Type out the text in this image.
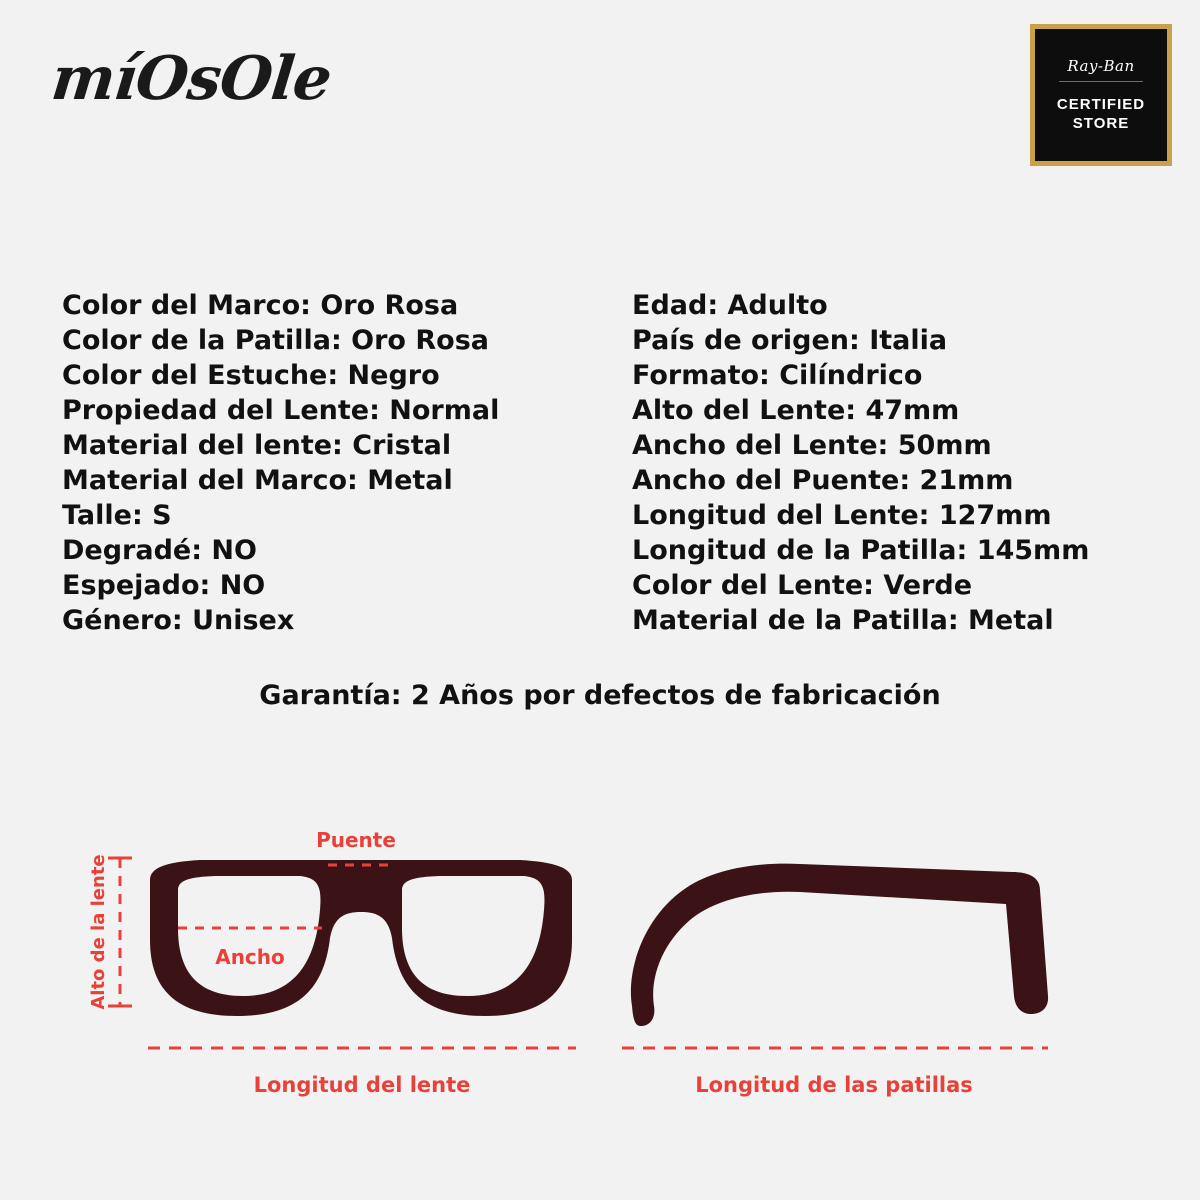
míOsOle	Ray-Ban
CERTIFIED
STORE
Color del Marco: Oro Rosa
Color de la Patilla: Oro Rosa
Color del Estuche: Negro
Propiedad del Lente: Normal
Material del lente: Cristal
Material del Marco: Metal
Talle: S
Degradé: NO
Espejado: NO
Género: Unisex
Edad: Adulto
País de origen: Italia
Formato: Cilíndrico
Alto del Lente: 47mm
Ancho del Lente: 50mm
Ancho del Puente: 21mm
Longitud del Lente: 127mm
Longitud de la Patilla: 145mm
Color del Lente: Verde
Material de la Patilla: Metal
Garantía: 2 Años por defectos de fabricación
Alto de la lente
Puente
Ancho
Longitud del lente	Longitud de las patillas
